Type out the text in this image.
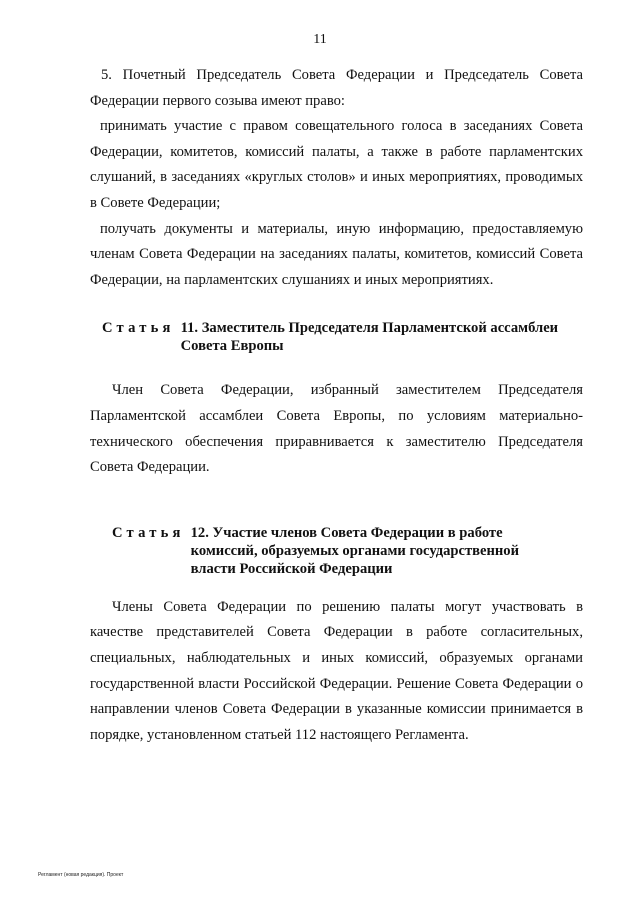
11

5. Почетный Председатель Совета Федерации и Председатель Совета Федерации первого созыва имеют право:

принимать участие с правом совещательного голоса в заседаниях Совета Федерации, комитетов, комиссий палаты, а также в работе парламентских слушаний, в заседаниях «круглых столов» и иных мероприятиях, проводимых в Совете Федерации;

получать документы и материалы, иную информацию, предоставляемую членам Совета Федерации на заседаниях палаты, комитетов, комиссий Совета Федерации, на парламентских слушаниях и иных мероприятиях.

Статья 11. Заместитель Председателя Парламентской ассамблеи
Совета Европы

Член Совета Федерации, избранный заместителем Председателя Парламентской ассамблеи Совета Европы, по условиям материально-технического обеспечения приравнивается к заместителю Председателя Совета Федерации.

Статья 12. Участие членов Совета Федерации в работе
комиссий, образуемых органами государственной
власти Российской Федерации

Члены Совета Федерации по решению палаты могут участвовать в качестве представителей Совета Федерации в работе согласительных, специальных, наблюдательных и иных комиссий, образуемых органами государственной власти Российской Федерации. Решение Совета Федерации о направлении членов Совета Федерации в указанные комиссии принимается в порядке, установленном статьей 112 настоящего Регламента.

Регламент (новая редакция). Проект
